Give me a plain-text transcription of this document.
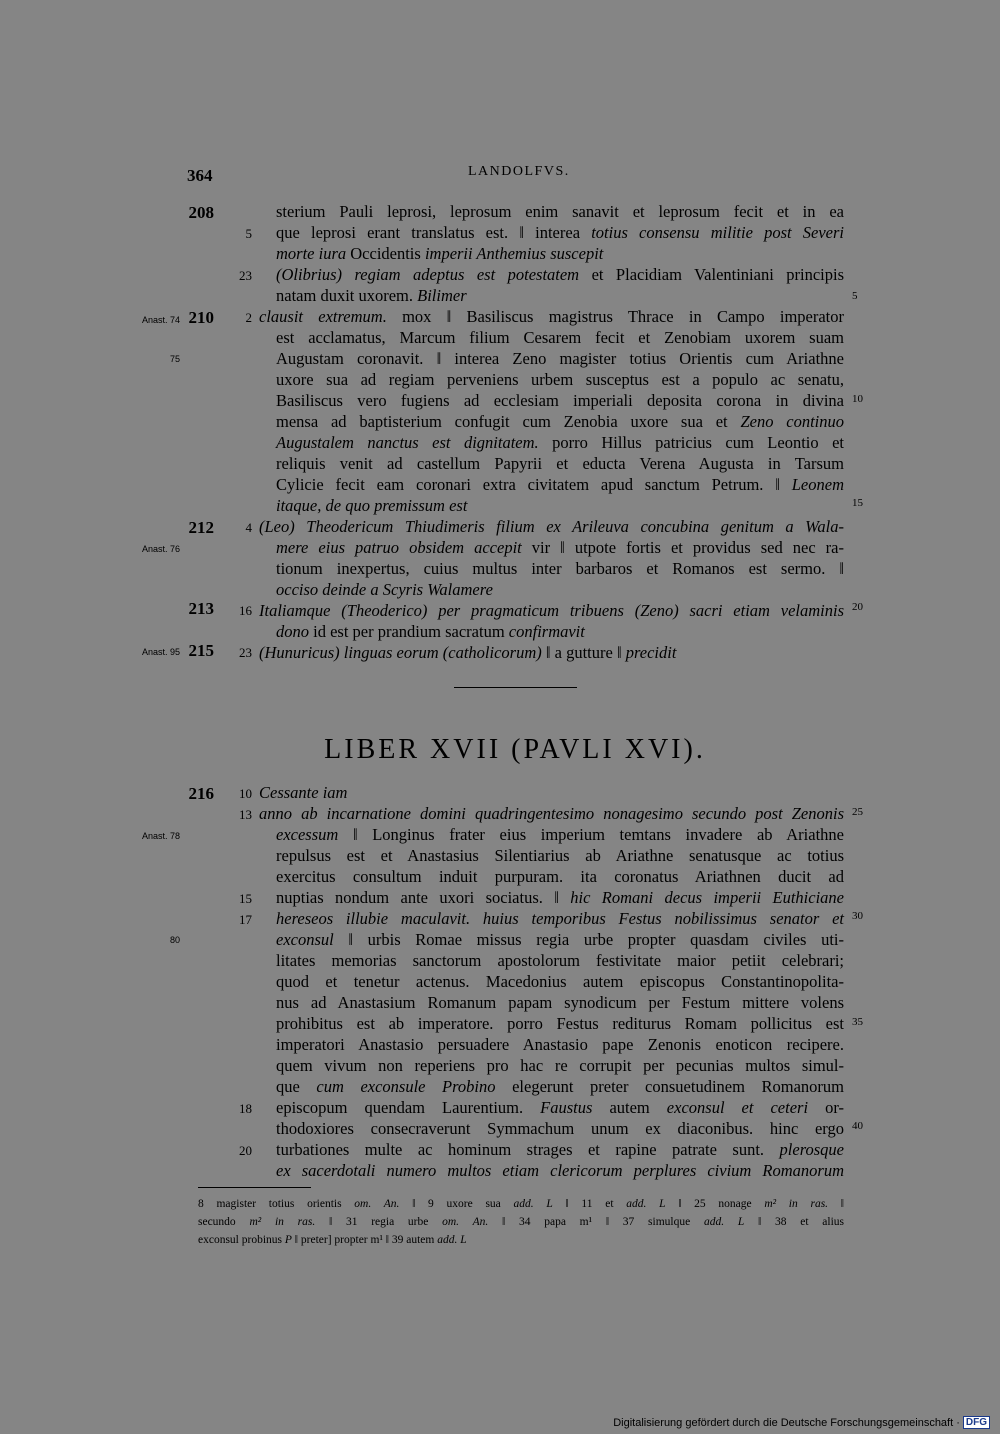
364	LANDOLFVS.
sterium Pauli leprosi, leprosum enim sanavit et leprosum fecit et in ea
que leprosi erant translatus est. ‖ interea totius consensu militie post Severi
morte iura Occidentis imperii Anthemius suscepit
(Olibrius) regiam adeptus est potestatem et Placidiam Valentiniani principis
natam duxit uxorem. Bilimer
clausit extremum. mox ‖ Basiliscus magistrus Thrace in Campo imperator
est acclamatus, Marcum filium Cesarem fecit et Zenobiam uxorem suam
Augustam coronavit. ‖ interea Zeno magister totius Orientis cum Ariathne
uxore sua ad regiam perveniens urbem susceptus est a populo ac senatu,
Basiliscus vero fugiens ad ecclesiam imperiali deposita corona in divina
mensa ad baptisterium confugit cum Zenobia uxore sua et Zeno continuo
Augustalem nanctus est dignitatem. porro Hillus patricius cum Leontio et
reliquis venit ad castellum Papyrii et educta Verena Augusta in Tarsum
Cylicie fecit eam coronari extra civitatem apud sanctum Petrum. ‖ Leonem
itaque, de quo premissum est
(Leo) Theodericum Thiudimeris filium ex Arileuva concubina genitum a Wala-
mere eius patruo obsidem accepit vir ‖ utpote fortis et providus sed nec ra-
tionum inexpertus, cuius multus inter barbaros et Romanos est sermo. ‖
occiso deinde a Scyris Walamere
Italiamque (Theoderico) per pragmaticum tribuens (Zeno) sacri etiam velaminis
dono id est per prandium sacratum confirmavit
(Hunuricus) linguas eorum (catholicorum) ‖ a gutture ‖ precidit
Cessante iam
anno ab incarnatione domini quadringentesimo nonagesimo secundo post Zenonis
excessum ‖ Longinus frater eius imperium temtans invadere ab Ariathne
repulsus est et Anastasius Silentiarius ab Ariathne senatusque ac totius
exercitus consultum induit purpuram. ita coronatus Ariathnen ducit ad
nuptias nondum ante uxori sociatus. ‖ hic Romani decus imperii Euthiciane
hereseos illubie maculavit. huius temporibus Festus nobilissimus senator et
exconsul ‖ urbis Romae missus regia urbe propter quasdam civiles uti-
litates memorias sanctorum apostolorum festivitate maior petiit celebrari;
quod et tenetur actenus. Macedonius autem episcopus Constantinopolita-
nus ad Anastasium Romanum papam synodicum per Festum mittere volens
prohibitus est ab imperatore. porro Festus rediturus Romam pollicitus est
imperatori Anastasio persuadere Anastasio pape Zenonis enoticon recipere.
quem vivum non reperiens pro hac re corrupit per pecunias multos simul-
que cum exconsule Probino elegerunt preter consuetudinem Romanorum
episcopum quendam Laurentium. Faustus autem exconsul et ceteri or-
thodoxiores consecraverunt Symmachum unum ex diaconibus. hinc ergo
turbationes multe ac hominum strages et rapine patrate sunt. plerosque
ex sacerdotali numero multos etiam clericorum perplures civium Romanorum
208
210
212
213
215
216
Anast. 74
75
Anast. 76
Anast. 95
Anast. 78
80
5
23
2
4
16
23
10
13
15
17
18
20
5
10
15
20
25
30
35
40
LIBER XVII (PAVLI XVI).
8 magister totius orientis om. An. ‖ 9 uxore sua add. L ‖ 11 et add. L ‖ 25 nonage m² in ras. ‖
secundo m² in ras. ‖ 31 regia urbe om. An. ‖ 34 papa m¹ ‖ 37 simulque add. L ‖ 38 et alius
exconsul probinus P ‖ preter] propter m¹ ‖ 39 autem add. L
Digitalisierung gefördert durch die Deutsche Forschungsgemeinschaft · DFG
